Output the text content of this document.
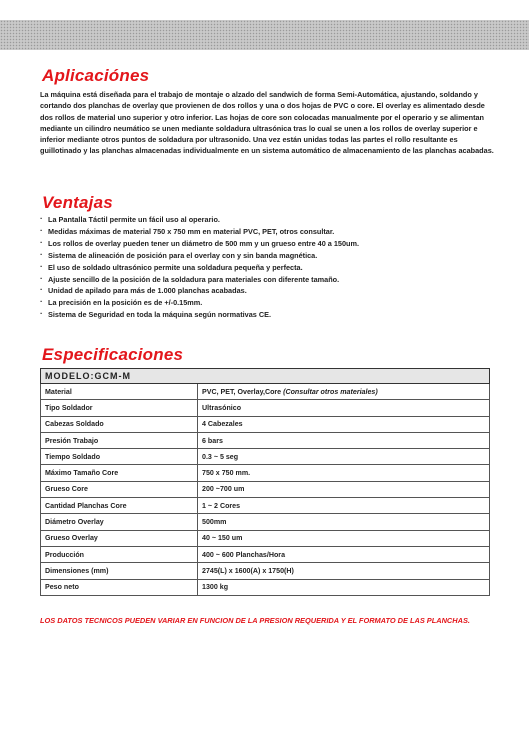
Aplicaciónes

La máquina está diseñada para el trabajo de montaje o alzado del sandwich de forma Semi-Automática, ajustando, soldando y cortando dos planchas de overlay que provienen de dos rollos y una o dos hojas de PVC o core. El overlay es alimentado desde dos rollos de material uno superior y otro inferior. Las hojas de core son colocadas manualmente por el operario y se alimentan mediante un cilindro neumático se unen mediante soldadura ultrasónica tras lo cual se unen a los rollos de overlay superior e inferior mediante otros puntos de soldadura por ultrasonido. Una vez están unidas todas las partes el rollo resultante es guillotinado y las planchas almacenadas individualmente en un sistema automático de almacenamiento de las planchas acabadas.

Ventajas
· La Pantalla Táctil permite un fácil uso al operario.
· Medidas máximas de material 750 x 750 mm en material PVC, PET, otros consultar.
· Los rollos de overlay pueden tener un diámetro de 500 mm y un grueso entre 40 a 150um.
· Sistema de alineación de posición para el overlay con y sin banda magnética.
· El uso de soldado ultrasónico permite una soldadura pequeña y perfecta.
· Ajuste sencillo de la posición de la soldadura para materiales con diferente tamaño.
· Unidad de apilado para más de 1.000 planchas acabadas.
· La precisión en la posición es de +/-0.15mm.
· Sistema de Seguridad en toda la máquina según normativas CE.
Especificaciones
MODELO:GCM-M	
Material	PVC, PET, Overlay,Core (Consultar otros materiales)
Tipo Soldador	Ultrasónico
Cabezas Soldado	4 Cabezales
Presión Trabajo	6 bars
Tiempo Soldado	0.3 ~ 5 seg
Máximo Tamaño Core	750 x 750 mm.
Grueso Core	200 ~700 um
Cantidad Planchas Core	1 ~ 2 Cores
Diámetro Overlay	500mm
Grueso Overlay	40 ~ 150 um
Producción	400 ~ 600 Planchas/Hora
Dimensiones (mm)	2745(L) x 1600(A) x 1750(H)
Peso neto	1300 kg

LOS DATOS TECNICOS PUEDEN VARIAR EN FUNCION DE LA PRESION REQUERIDA Y EL FORMATO DE LAS PLANCHAS.
